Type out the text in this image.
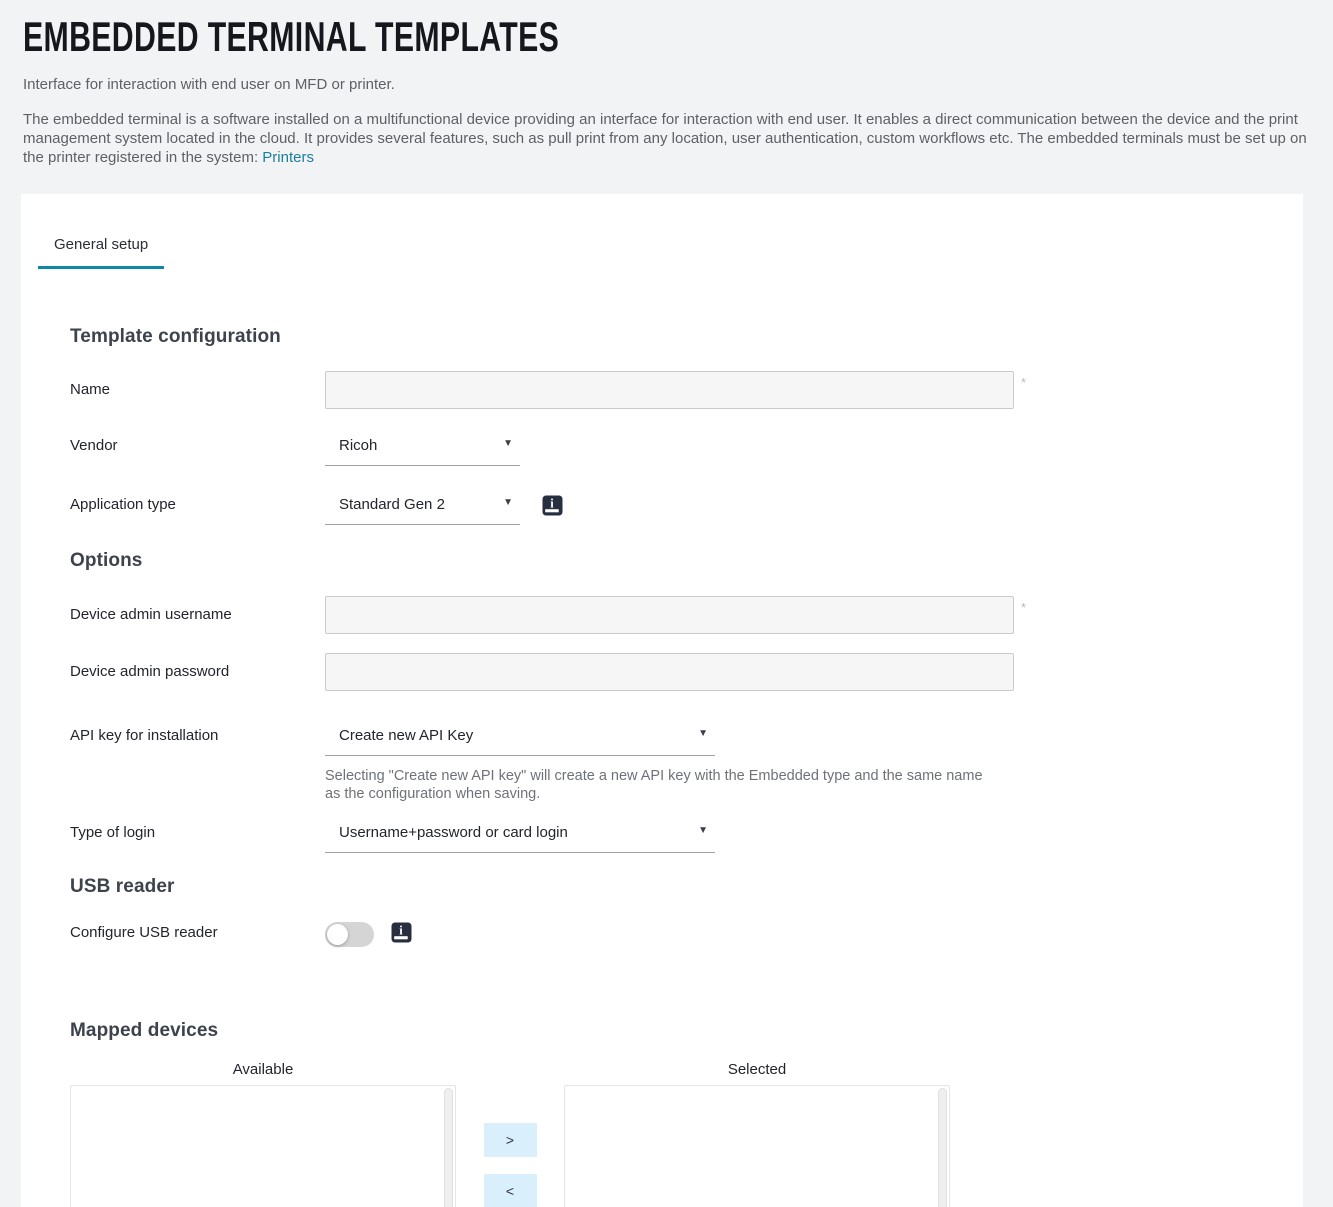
EMBEDDED TERMINAL TEMPLATES

Interface for interaction with end user on MFD or printer.

The embedded terminal is a software installed on a multifunctional device providing an interface for interaction with end user. It enables a direct communication between the device and the print management system located in the cloud. It provides several features, such as pull print from any location, user authentication, custom workflows etc. The embedded terminals must be set up on the printer registered in the system: Printers

General setup
Template configuration
Name	*
Vendor	Ricoh	▼
Application type	Standard Gen 2	▼	i
Options
Device admin username	*
Device admin password
API key for installation	Create new API Key	▼
Selecting "Create new API key" will create a new API key with the Embedded type and the same name as the configuration when saving.
Type of login	Username+password or card login	▼
USB reader
Configure USB reader	i
Mapped devices
Available
>
<
Selected
